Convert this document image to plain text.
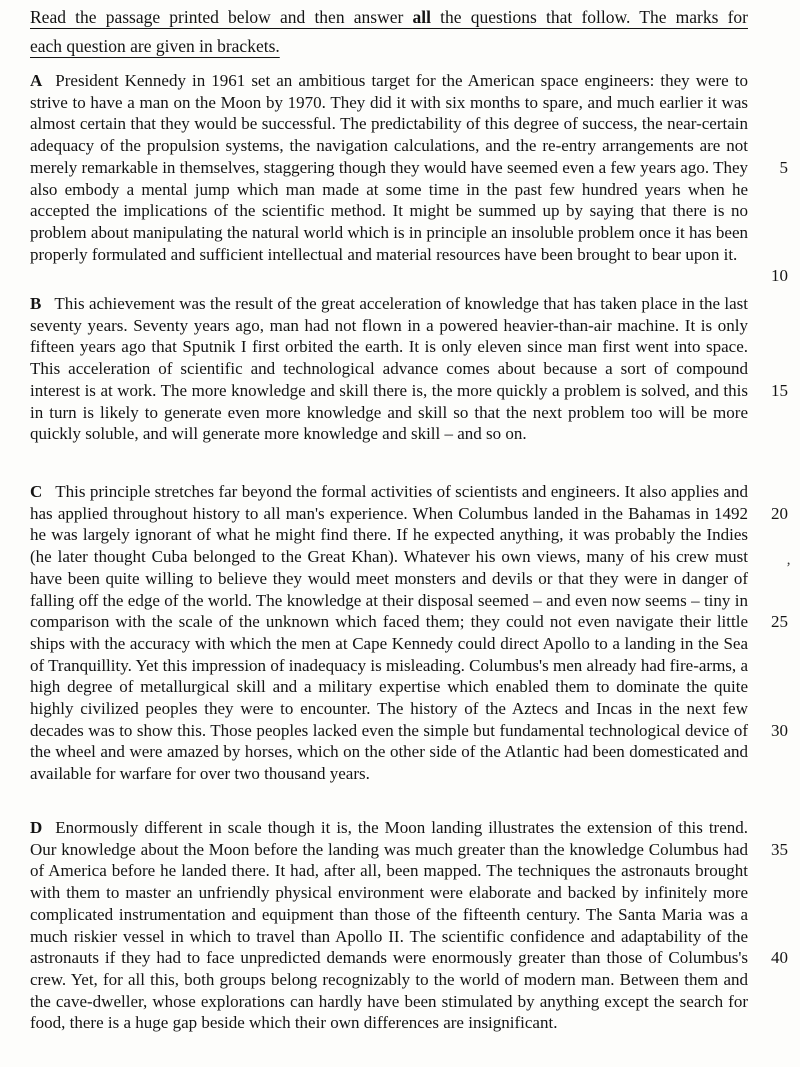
Read the passage printed below and then answer all the questions that follow. The marks for
each question are given in brackets.

A President Kennedy in 1961 set an ambitious target for the American space engineers: they were to strive to have a man on the Moon by 1970. They did it with six months to spare, and much earlier it was almost certain that they would be successful. The predictability of this degree of success, the near-certain adequacy of the propulsion systems, the navigation calculations, and the re-entry arrangements are not merely remarkable in themselves, staggering though they would have seemed even a few years ago. They also embody a mental jump which man made at some time in the past few hundred years when he accepted the implications of the scientific method. It might be summed up by saying that there is no problem about manipulating the natural world which is in principle an insoluble problem once it has been properly formulated and sufficient intellectual and material resources have been brought to bear upon it.

B This achievement was the result of the great acceleration of knowledge that has taken place in the last seventy years. Seventy years ago, man had not flown in a powered heavier-than-air machine. It is only fifteen years ago that Sputnik I first orbited the earth. It is only eleven since man first went into space. This acceleration of scientific and technological advance comes about because a sort of compound interest is at work. The more knowledge and skill there is, the more quickly a problem is solved, and this in turn is likely to generate even more knowledge and skill so that the next problem too will be more quickly soluble, and will generate more knowledge and skill – and so on.

C This principle stretches far beyond the formal activities of scientists and engineers. It also applies and has applied throughout history to all man's experience. When Columbus landed in the Bahamas in 1492 he was largely ignorant of what he might find there. If he expected anything, it was probably the Indies (he later thought Cuba belonged to the Great Khan). Whatever his own views, many of his crew must have been quite willing to believe they would meet monsters and devils or that they were in danger of falling off the edge of the world. The knowledge at their disposal seemed – and even now seems – tiny in comparison with the scale of the unknown which faced them; they could not even navigate their little ships with the accuracy with which the men at Cape Kennedy could direct Apollo to a landing in the Sea of Tranquillity. Yet this impression of inadequacy is misleading. Columbus's men already had fire-arms, a high degree of metallurgical skill and a military expertise which enabled them to dominate the quite highly civilized peoples they were to encounter. The history of the Aztecs and Incas in the next few decades was to show this. Those peoples lacked even the simple but fundamental technological device of the wheel and were amazed by horses, which on the other side of the Atlantic had been domesticated and available for warfare for over two thousand years.

D Enormously different in scale though it is, the Moon landing illustrates the extension of this trend. Our knowledge about the Moon before the landing was much greater than the knowledge Columbus had of America before he landed there. It had, after all, been mapped. The techniques the astronauts brought with them to master an unfriendly physical environment were elaborate and backed by infinitely more complicated instrumentation and equipment than those of the fifteenth century. The Santa Maria was a much riskier vessel in which to travel than Apollo II. The scientific confidence and adaptability of the astronauts if they had to face unpredicted demands were enormously greater than those of Columbus's crew. Yet, for all this, both groups belong recognizably to the world of modern man. Between them and the cave-dweller, whose explorations can hardly have been stimulated by anything except the search for food, there is a huge gap beside which their own differences are insignificant.

5
10
15
20
25
30
35
40
’
